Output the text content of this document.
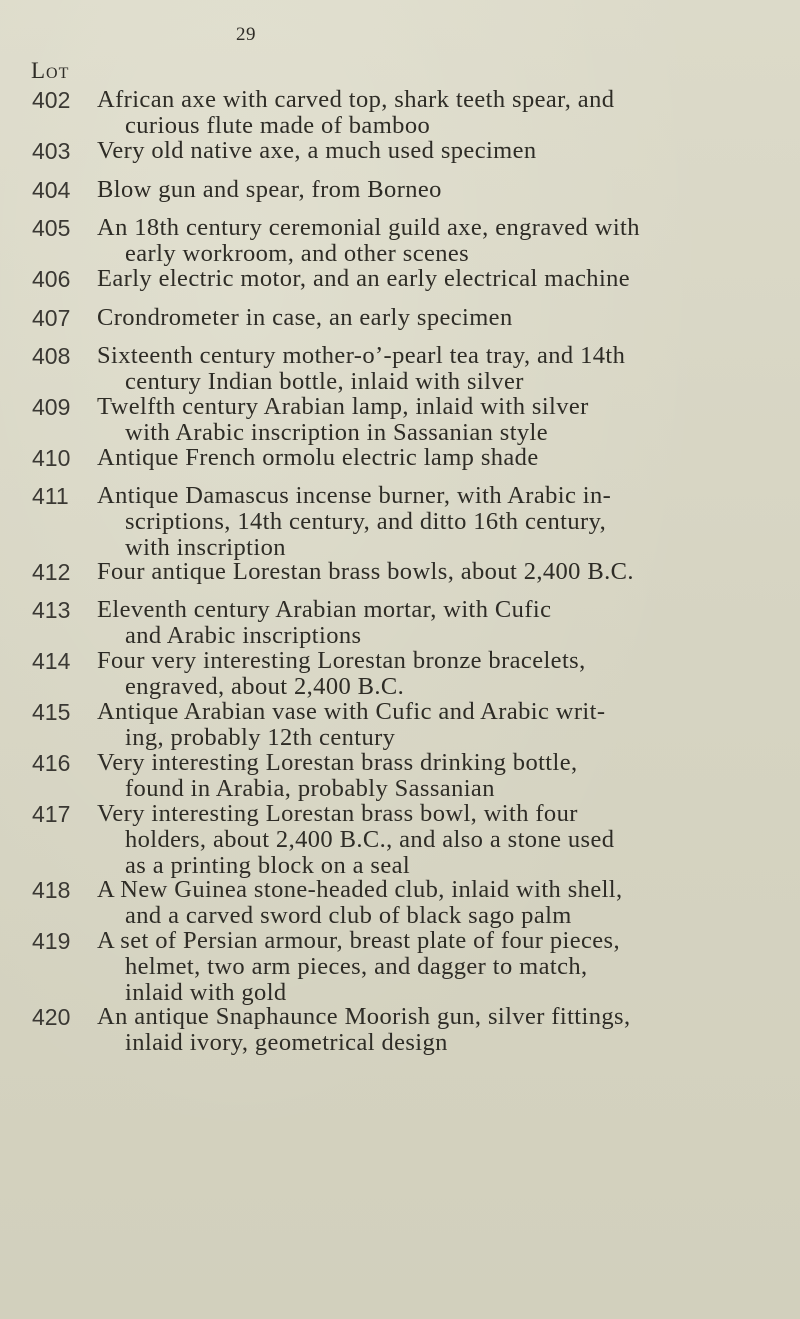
29
Lot
402 African axe with carved top, shark teeth spear, and
curious flute made of bamboo
403 Very old native axe, a much used specimen
404 Blow gun and spear, from Borneo
405 An 18th century ceremonial guild axe, engraved with
early workroom, and other scenes
406 Early electric motor, and an early electrical machine
407 Crondrometer in case, an early specimen
408 Sixteenth century mother-o’-pearl tea tray, and 14th
century Indian bottle, inlaid with silver
409 Twelfth century Arabian lamp, inlaid with silver
with Arabic inscription in Sassanian style
410 Antique French ormolu electric lamp shade
411 Antique Damascus incense burner, with Arabic in-
scriptions, 14th century, and ditto 16th century,
with inscription
412 Four antique Lorestan brass bowls, about 2,400 B.C.
413 Eleventh century Arabian mortar, with Cufic
and Arabic inscriptions
414 Four very interesting Lorestan bronze bracelets,
engraved, about 2,400 B.C.
415 Antique Arabian vase with Cufic and Arabic writ-
ing, probably 12th century
416 Very interesting Lorestan brass drinking bottle,
found in Arabia, probably Sassanian
417 Very interesting Lorestan brass bowl, with four
holders, about 2,400 B.C., and also a stone used
as a printing block on a seal
418 A New Guinea stone-headed club, inlaid with shell,
and a carved sword club of black sago palm
419 A set of Persian armour, breast plate of four pieces,
helmet, two arm pieces, and dagger to match,
inlaid with gold
420 An antique Snaphaunce Moorish gun, silver fittings,
inlaid ivory, geometrical design
